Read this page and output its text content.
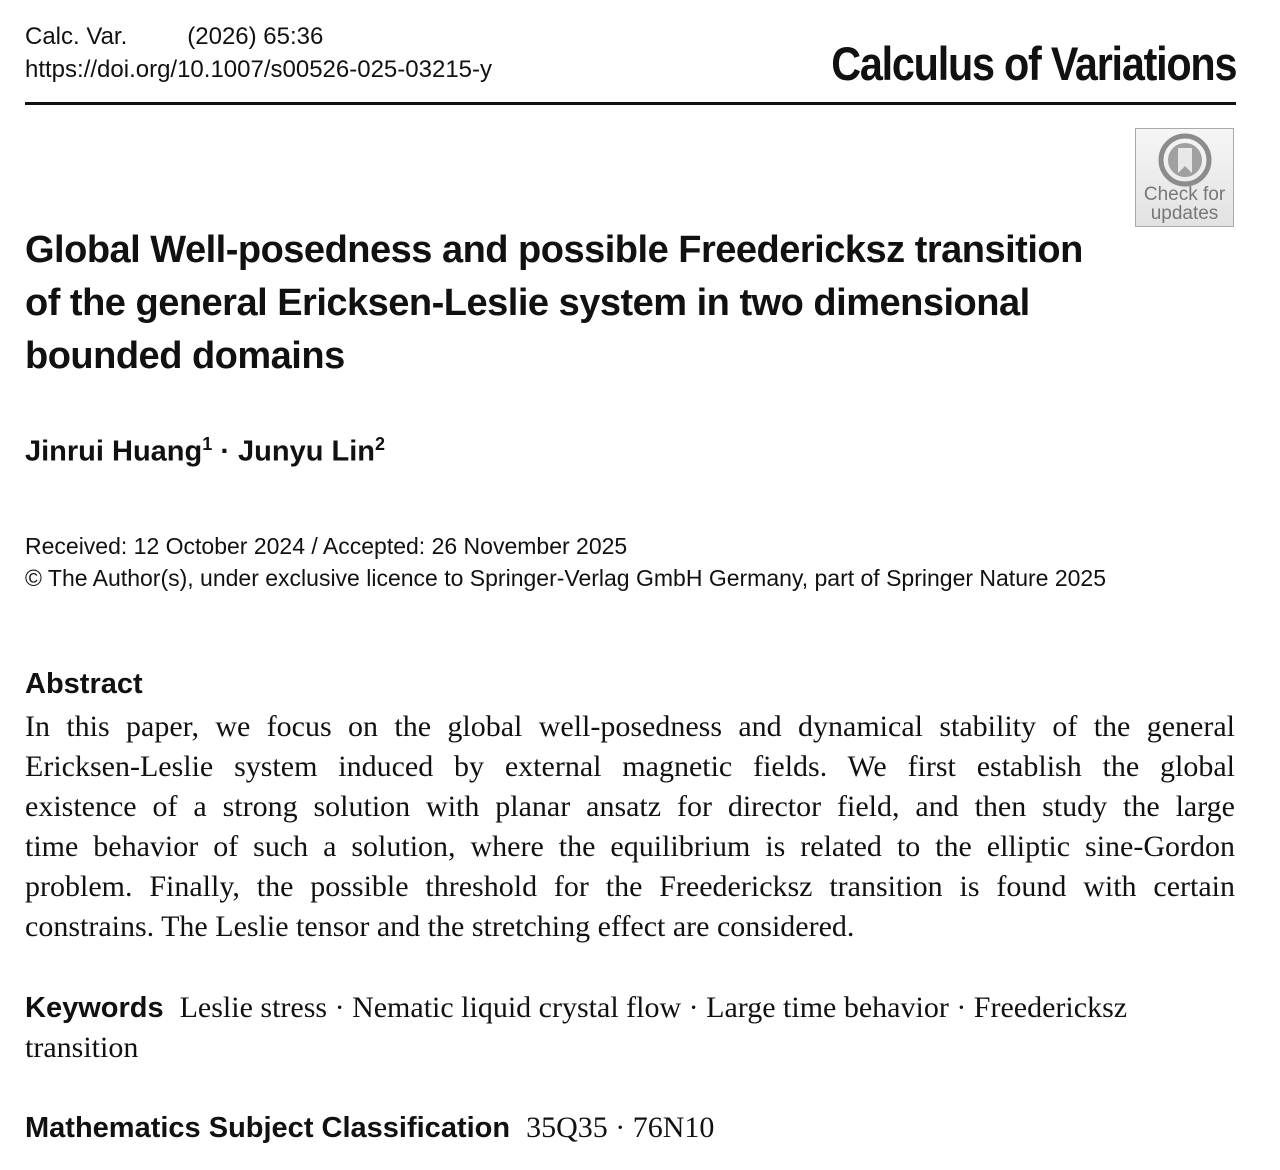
Calc. Var.	(2026) 65:36
https://doi.org/10.1007/s00526-025-03215-y	Calculus of Variations
Check for
updates
Global Well-posedness and possible Freedericksz transition
of the general Ericksen-Leslie system in two dimensional
bounded domains
Jinrui Huang$^1$ · Junyu Lin$^2$
Received: 12 October 2024 / Accepted: 26 November 2025
© The Author(s), under exclusive licence to Springer-Verlag GmbH Germany, part of Springer Nature 2025
Abstract
In this paper, we focus on the global well-posedness and dynamical stability of the general
Ericksen-Leslie system induced by external magnetic fields. We first establish the global
existence of a strong solution with planar ansatz for director field, and then study the large
time behavior of such a solution, where the equilibrium is related to the elliptic sine-Gordon
problem. Finally, the possible threshold for the Freedericksz transition is found with certain
constrains. The Leslie tensor and the stretching effect are considered.
Keywords Leslie stress · Nematic liquid crystal flow · Large time behavior · Freedericksz transition
Mathematics Subject Classification 35Q35 · 76N10
